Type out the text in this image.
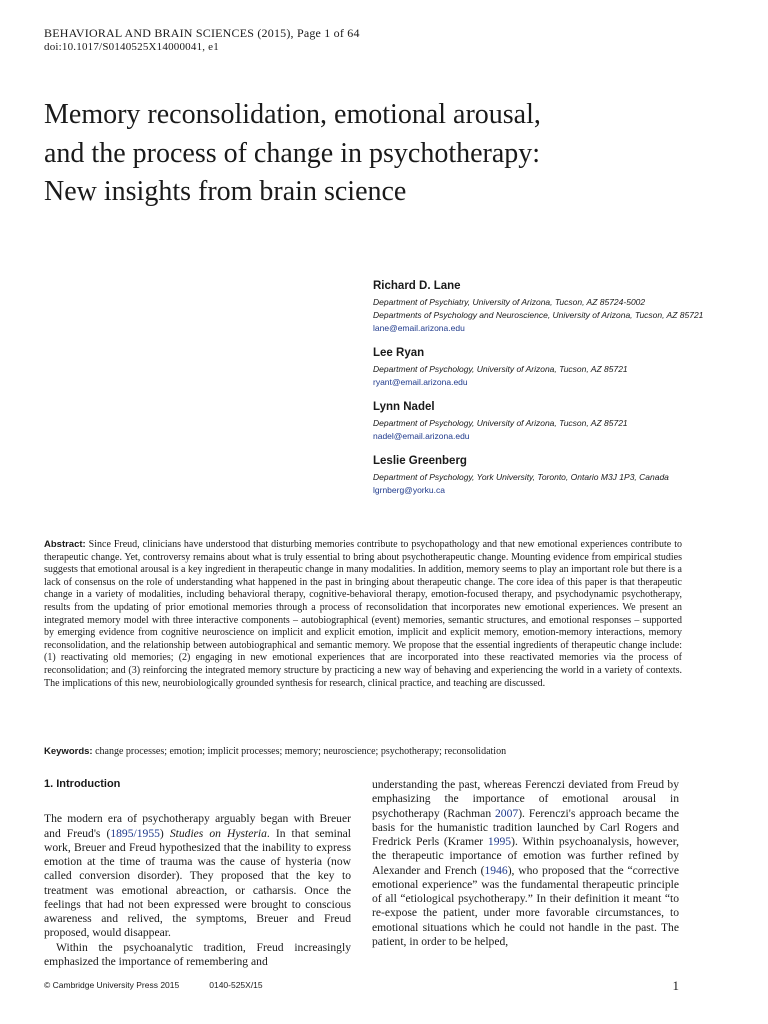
BEHAVIORAL AND BRAIN SCIENCES (2015), Page 1 of 64
doi:10.1017/S0140525X14000041, e1
Memory reconsolidation, emotional arousal, and the process of change in psychotherapy: New insights from brain science
Richard D. Lane
Department of Psychiatry, University of Arizona, Tucson, AZ 85724-5002
Departments of Psychology and Neuroscience, University of Arizona, Tucson, AZ 85721
lane@email.arizona.edu
Lee Ryan
Department of Psychology, University of Arizona, Tucson, AZ 85721
ryant@email.arizona.edu
Lynn Nadel
Department of Psychology, University of Arizona, Tucson, AZ 85721
nadel@email.arizona.edu
Leslie Greenberg
Department of Psychology, York University, Toronto, Ontario M3J 1P3, Canada
lgrnberg@yorku.ca

Abstract: Since Freud, clinicians have understood that disturbing memories contribute to psychopathology and that new emotional experiences contribute to therapeutic change. Yet, controversy remains about what is truly essential to bring about psychotherapeutic change. Mounting evidence from empirical studies suggests that emotional arousal is a key ingredient in therapeutic change in many modalities. In addition, memory seems to play an important role but there is a lack of consensus on the role of understanding what happened in the past in bringing about therapeutic change. The core idea of this paper is that therapeutic change in a variety of modalities, including behavioral therapy, cognitive-behavioral therapy, emotion-focused therapy, and psychodynamic psychotherapy, results from the updating of prior emotional memories through a process of reconsolidation that incorporates new emotional experiences. We present an integrated memory model with three interactive components – autobiographical (event) memories, semantic structures, and emotional responses – supported by emerging evidence from cognitive neuroscience on implicit and explicit emotion, implicit and explicit memory, emotion-memory interactions, memory reconsolidation, and the relationship between autobiographical and semantic memory. We propose that the essential ingredients of therapeutic change include: (1) reactivating old memories; (2) engaging in new emotional experiences that are incorporated into these reactivated memories via the process of reconsolidation; and (3) reinforcing the integrated memory structure by practicing a new way of behaving and experiencing the world in a variety of contexts. The implications of this new, neurobiologically grounded synthesis for research, clinical practice, and teaching are discussed.

Keywords: change processes; emotion; implicit processes; memory; neuroscience; psychotherapy; reconsolidation

1. Introduction

The modern era of psychotherapy arguably began with Breuer and Freud's (1895/1955) Studies on Hysteria. In that seminal work, Breuer and Freud hypothesized that the inability to express emotion at the time of trauma was the cause of hysteria (now called conversion disorder). They proposed that the key to treatment was emotional abreaction, or catharsis. Once the feelings that had not been expressed were brought to conscious awareness and relived, the symptoms, Breuer and Freud proposed, would disappear.

Within the psychoanalytic tradition, Freud increasingly emphasized the importance of remembering and

understanding the past, whereas Ferenczi deviated from Freud by emphasizing the importance of emotional arousal in psychotherapy (Rachman 2007). Ferenczi's approach became the basis for the humanistic tradition launched by Carl Rogers and Fredrick Perls (Kramer 1995). Within psychoanalysis, however, the therapeutic importance of emotion was further refined by Alexander and French (1946), who proposed that the “corrective emotional experience” was the fundamental therapeutic principle of all “etiological psychotherapy.” In their definition it meant “to re-expose the patient, under more favorable circumstances, to emotional situations which he could not handle in the past. The patient, in order to be helped,

© Cambridge University Press 2015	0140-525X/15	1
